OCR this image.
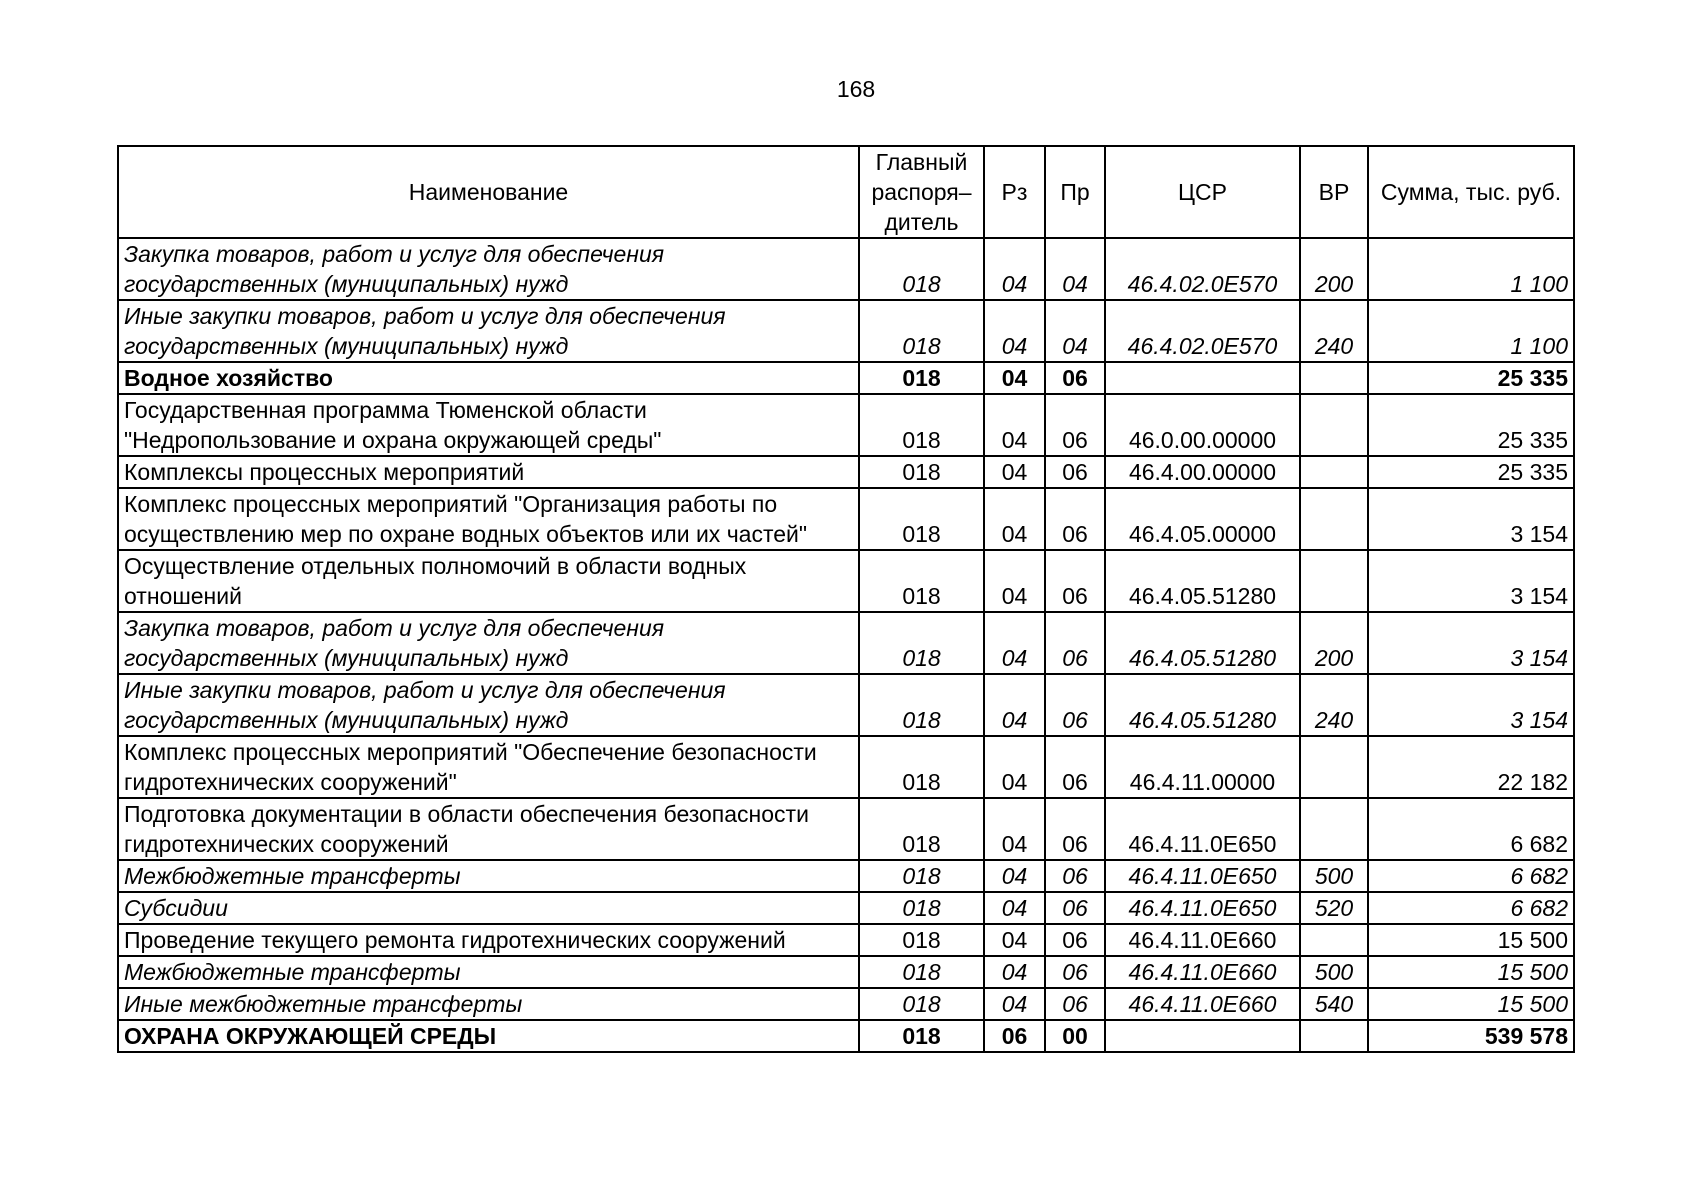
168
Наименование	Главный распоря–дитель	Рз	Пр	ЦСР	ВР	Сумма, тыс. руб.
Закупка товаров, работ и услуг для обеспечения государственных (муниципальных) нужд	018	04	04	46.4.02.0Е570	200	1 100
Иные закупки товаров, работ и услуг для обеспечения государственных (муниципальных) нужд	018	04	04	46.4.02.0Е570	240	1 100
Водное хозяйство	018	04	06			25 335
Государственная программа Тюменской области "Недропользование и охрана окружающей среды"	018	04	06	46.0.00.00000		25 335
Комплексы процессных мероприятий	018	04	06	46.4.00.00000		25 335
Комплекс процессных мероприятий "Организация работы по осуществлению мер по охране водных объектов или их частей"	018	04	06	46.4.05.00000		3 154
Осуществление отдельных полномочий в области водных отношений	018	04	06	46.4.05.51280		3 154
Закупка товаров, работ и услуг для обеспечения государственных (муниципальных) нужд	018	04	06	46.4.05.51280	200	3 154
Иные закупки товаров, работ и услуг для обеспечения государственных (муниципальных) нужд	018	04	06	46.4.05.51280	240	3 154
Комплекс процессных мероприятий "Обеспечение безопасности гидротехнических сооружений"	018	04	06	46.4.11.00000		22 182
Подготовка документации в области обеспечения безопасности гидротехнических сооружений	018	04	06	46.4.11.0Е650		6 682
Межбюджетные трансферты	018	04	06	46.4.11.0Е650	500	6 682
Субсидии	018	04	06	46.4.11.0Е650	520	6 682
Проведение текущего ремонта гидротехнических сооружений	018	04	06	46.4.11.0Е660		15 500
Межбюджетные трансферты	018	04	06	46.4.11.0Е660	500	15 500
Иные межбюджетные трансферты	018	04	06	46.4.11.0Е660	540	15 500
ОХРАНА ОКРУЖАЮЩЕЙ СРЕДЫ	018	06	00			539 578
